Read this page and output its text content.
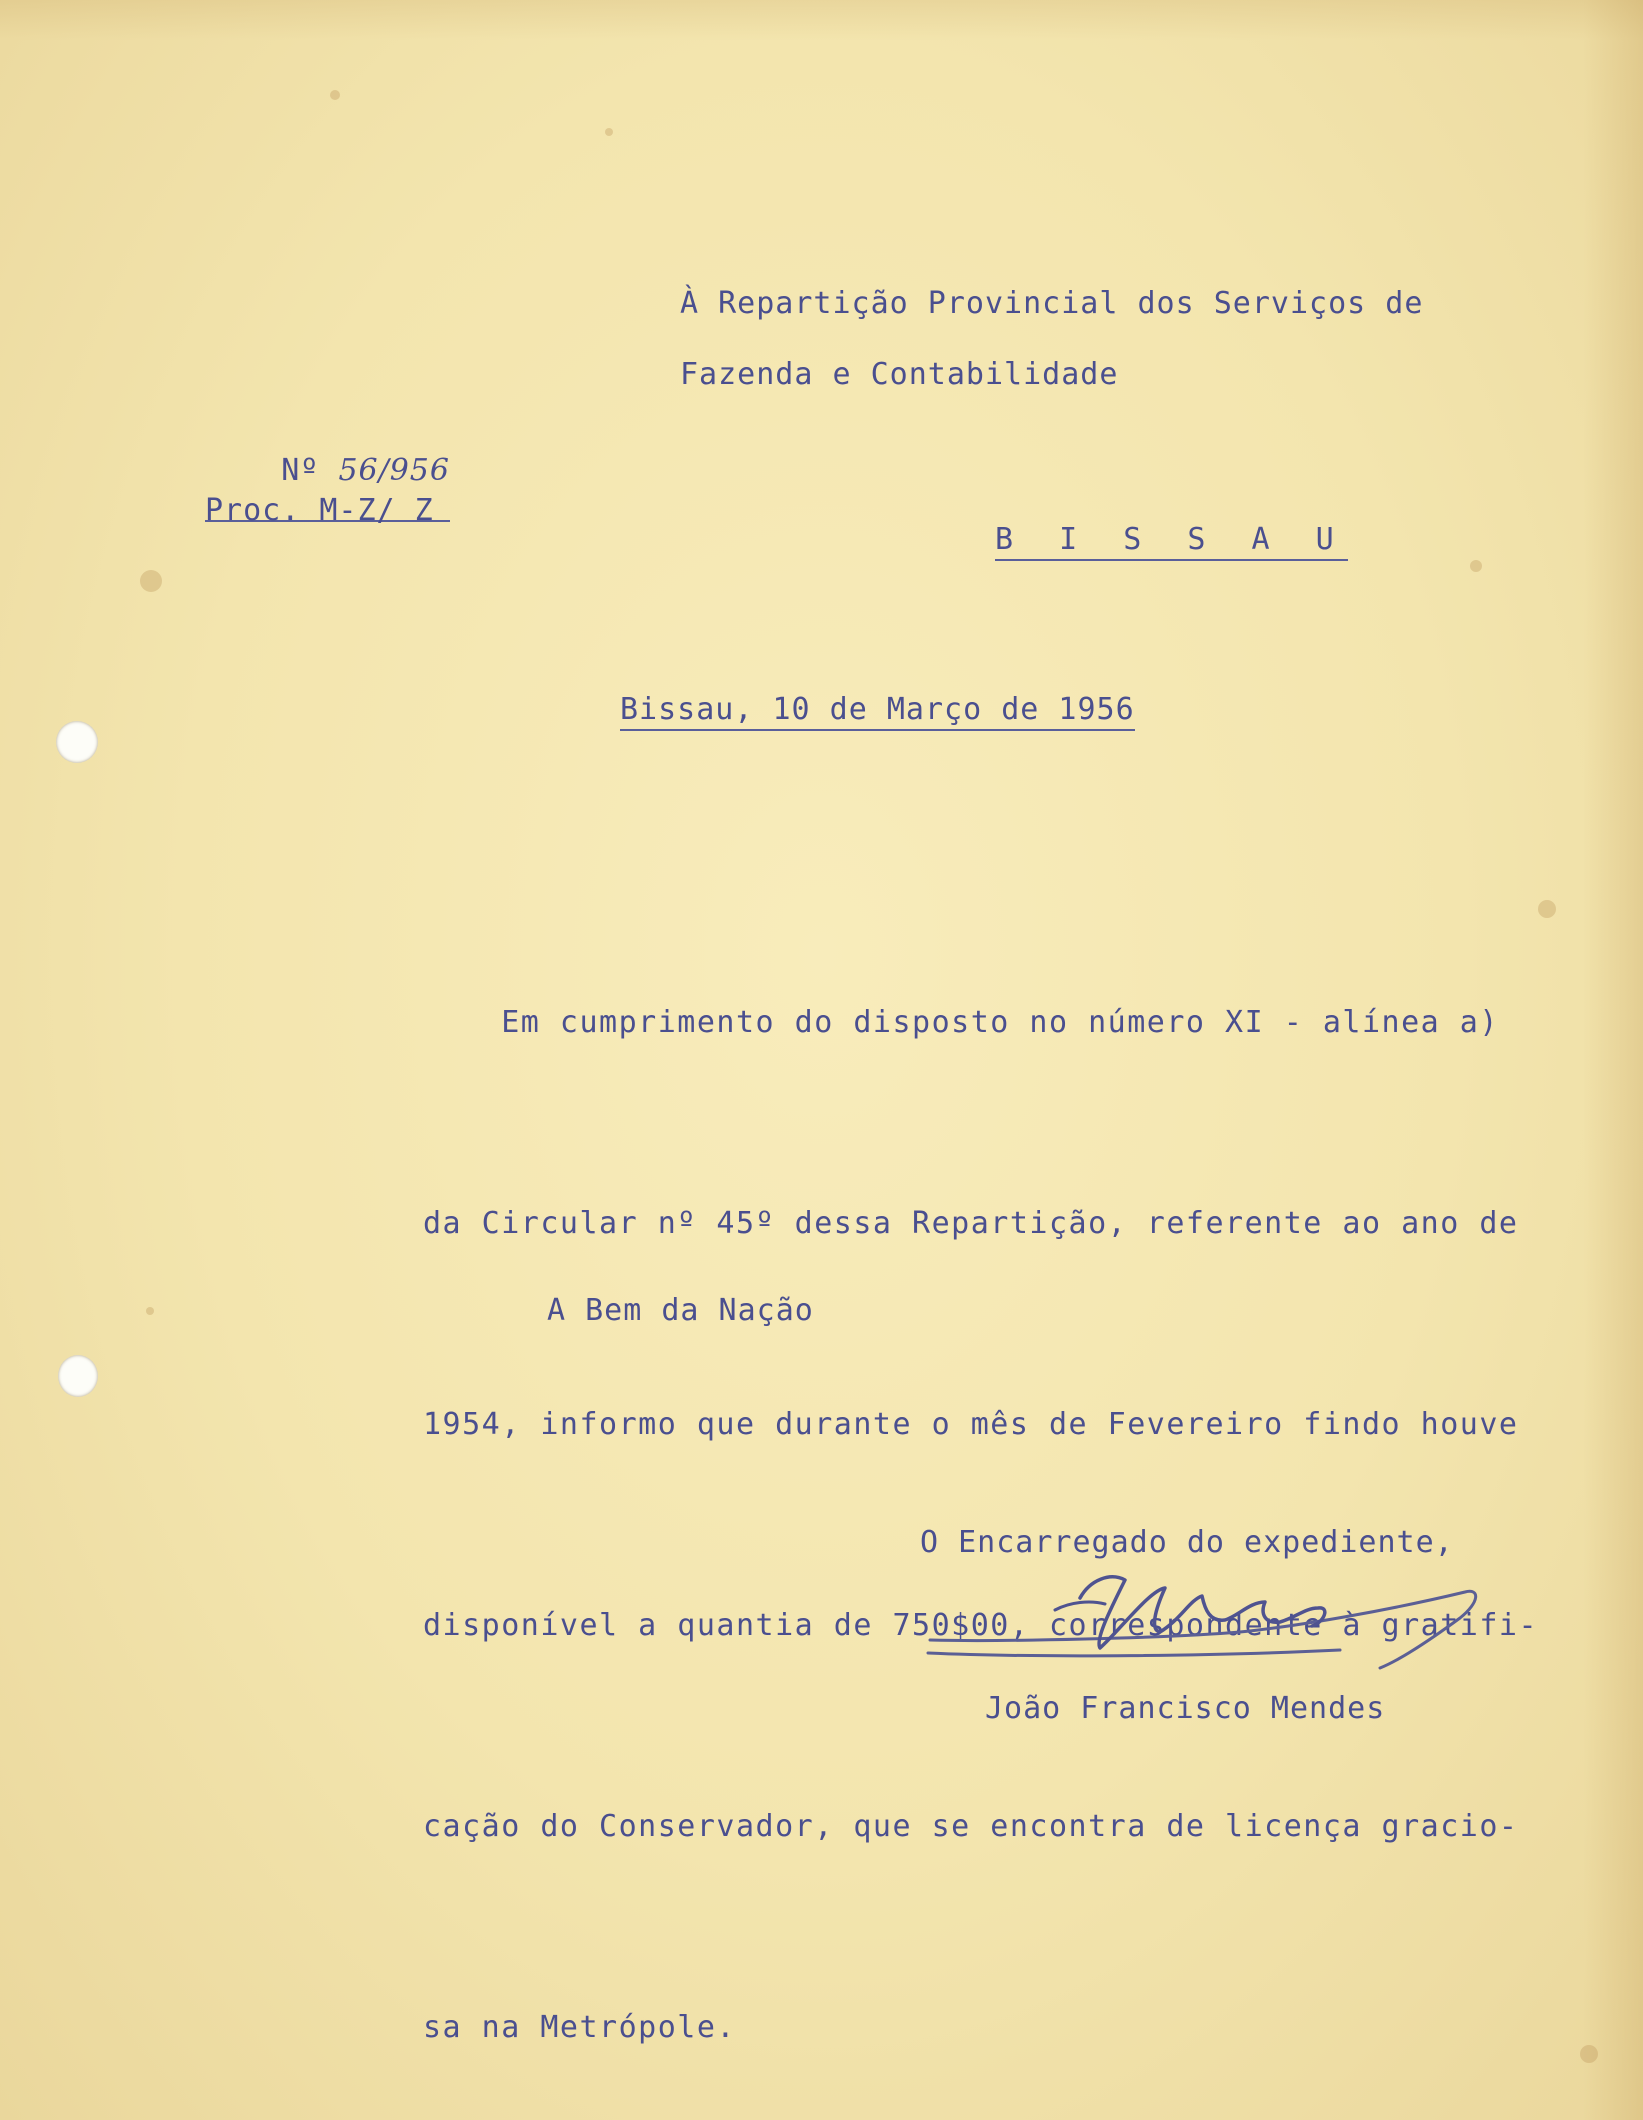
À Repartição Provincial dos Serviços de
Fazenda e Contabilidade

Nº 56/956

Proc. M-Z/ Z
B I S S A U
Bissau, 10 de Março de 1956

Em cumprimento do disposto no número XI - alínea a)

da Circular nº 45º dessa Repartição, referente ao ano de

1954, informo que durante o mês de Fevereiro findo houve

disponível a quantia de 750$00, correspondente à gratifi-

cação do Conservador, que se encontra de licença gracio-

sa na Metrópole.

A Bem da Nação
O Encarregado do expediente,
João Francisco Mendes
